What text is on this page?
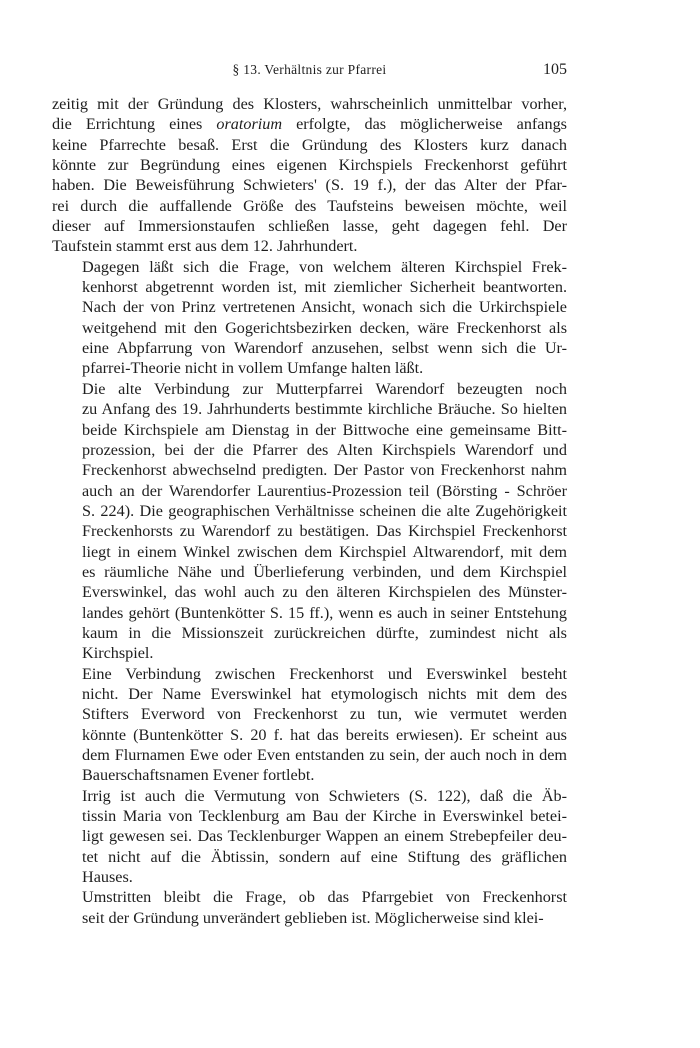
§ 13. Verhältnis zur Pfarrei	105

zeitig mit der Gründung des Klosters, wahrscheinlich unmittelbar vorher,
die Errichtung eines oratorium erfolgte, das möglicherweise anfangs
keine Pfarrechte besaß. Erst die Gründung des Klosters kurz danach
könnte zur Begründung eines eigenen Kirchspiels Freckenhorst geführt
haben. Die Beweisführung Schwieters' (S. 19 f.), der das Alter der Pfar-
rei durch die auffallende Größe des Taufsteins beweisen möchte, weil
dieser auf Immersionstaufen schließen lasse, geht dagegen fehl. Der
Taufstein stammt erst aus dem 12. Jahrhundert.

Dagegen läßt sich die Frage, von welchem älteren Kirchspiel Frek-
kenhorst abgetrennt worden ist, mit ziemlicher Sicherheit beantworten.
Nach der von Prinz vertretenen Ansicht, wonach sich die Urkirchspiele
weitgehend mit den Gogerichtsbezirken decken, wäre Freckenhorst als
eine Abpfarrung von Warendorf anzusehen, selbst wenn sich die Ur-
pfarrei-Theorie nicht in vollem Umfange halten läßt.

Die alte Verbindung zur Mutterpfarrei Warendorf bezeugten noch
zu Anfang des 19. Jahrhunderts bestimmte kirchliche Bräuche. So hielten
beide Kirchspiele am Dienstag in der Bittwoche eine gemeinsame Bitt-
prozession, bei der die Pfarrer des Alten Kirchspiels Warendorf und
Freckenhorst abwechselnd predigten. Der Pastor von Freckenhorst nahm
auch an der Warendorfer Laurentius-Prozession teil (Börsting - Schröer
S. 224). Die geographischen Verhältnisse scheinen die alte Zugehörigkeit
Freckenhorsts zu Warendorf zu bestätigen. Das Kirchspiel Freckenhorst
liegt in einem Winkel zwischen dem Kirchspiel Altwarendorf, mit dem
es räumliche Nähe und Überlieferung verbinden, und dem Kirchspiel
Everswinkel, das wohl auch zu den älteren Kirchspielen des Münster-
landes gehört (Buntenkötter S. 15 ff.), wenn es auch in seiner Entstehung
kaum in die Missionszeit zurückreichen dürfte, zumindest nicht als
Kirchspiel.

Eine Verbindung zwischen Freckenhorst und Everswinkel besteht
nicht. Der Name Everswinkel hat etymologisch nichts mit dem des
Stifters Everword von Freckenhorst zu tun, wie vermutet werden
könnte (Buntenkötter S. 20 f. hat das bereits erwiesen). Er scheint aus
dem Flurnamen Ewe oder Even entstanden zu sein, der auch noch in dem
Bauerschaftsnamen Evener fortlebt.

Irrig ist auch die Vermutung von Schwieters (S. 122), daß die Äb-
tissin Maria von Tecklenburg am Bau der Kirche in Everswinkel betei-
ligt gewesen sei. Das Tecklenburger Wappen an einem Strebepfeiler deu-
tet nicht auf die Äbtissin, sondern auf eine Stiftung des gräflichen
Hauses.

Umstritten bleibt die Frage, ob das Pfarrgebiet von Freckenhorst
seit der Gründung unverändert geblieben ist. Möglicherweise sind klei-
